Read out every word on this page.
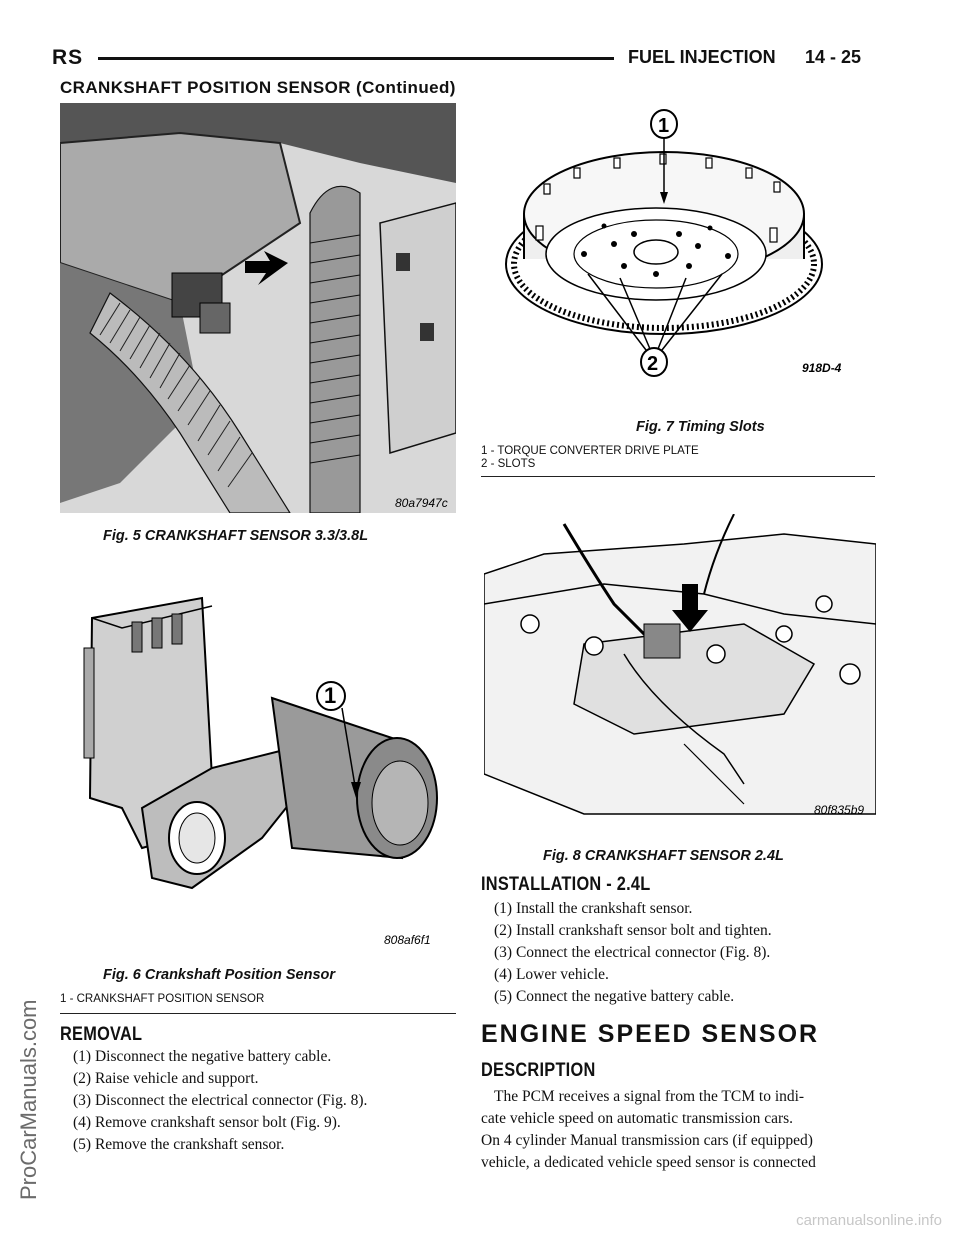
RS	FUEL INJECTION 14 - 25
CRANKSHAFT POSITION SENSOR (Continued)
80a7947c
Fig. 5 CRANKSHAFT SENSOR 3.3/3.8L
1
808af6f1
Fig. 6 Crankshaft Position Sensor
1 - CRANKSHAFT POSITION SENSOR
REMOVAL

(1) Disconnect the negative battery cable.

(2) Raise vehicle and support.

(3) Disconnect the electrical connector (Fig. 8).

(4) Remove crankshaft sensor bolt (Fig. 9).

(5) Remove the crankshaft sensor.

1
2	918D-4
Fig. 7 Timing Slots
1 - TORQUE CONVERTER DRIVE PLATE
2 - SLOTS
80f835b9
Fig. 8 CRANKSHAFT SENSOR 2.4L
INSTALLATION - 2.4L

(1) Install the crankshaft sensor.

(2) Install crankshaft sensor bolt and tighten.

(3) Connect the electrical connector (Fig. 8).

(4) Lower vehicle.

(5) Connect the negative battery cable.

ENGINE SPEED SENSOR
DESCRIPTION
The PCM receives a signal from the TCM to indi-
cate vehicle speed on automatic transmission cars.
On 4 cylinder Manual transmission cars (if equipped)
vehicle, a dedicated vehicle speed sensor is connected
ProCarManuals.com
carmanualsonline.info
